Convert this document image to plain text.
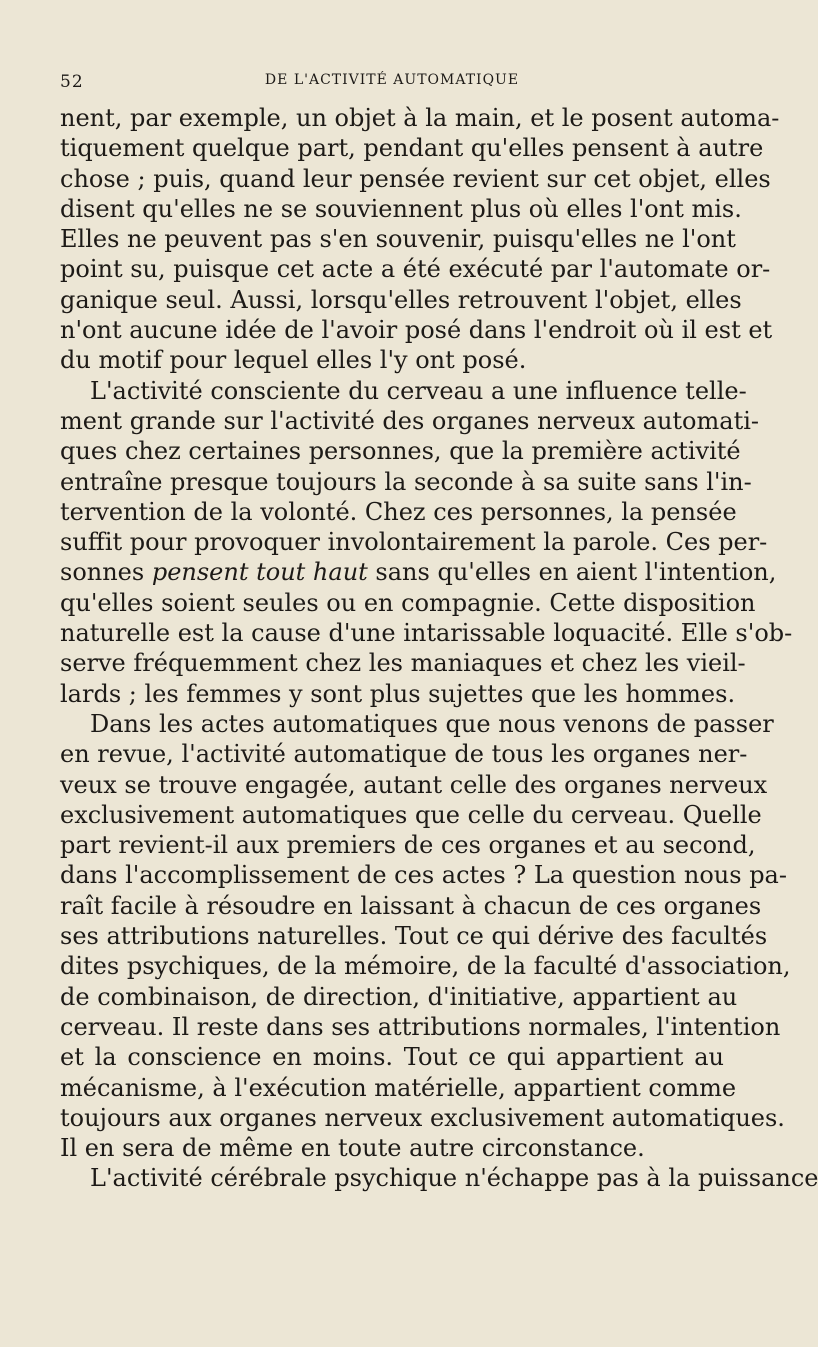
52	DE L'ACTIVITÉ AUTOMATIQUE
nent, par exemple, un objet à la main, et le posent automa-
tiquement quelque part, pendant qu'elles pensent à autre
chose ; puis, quand leur pensée revient sur cet objet, elles
disent qu'elles ne se souviennent plus où elles l'ont mis.
Elles ne peuvent pas s'en souvenir, puisqu'elles ne l'ont
point su, puisque cet acte a été exécuté par l'automate or-
ganique seul. Aussi, lorsqu'elles retrouvent l'objet, elles
n'ont aucune idée de l'avoir posé dans l'endroit où il est et
du motif pour lequel elles l'y ont posé.
L'activité consciente du cerveau a une influence telle-
ment grande sur l'activité des organes nerveux automati-
ques chez certaines personnes, que la première activité
entraîne presque toujours la seconde à sa suite sans l'in-
tervention de la volonté. Chez ces personnes, la pensée
suffit pour provoquer involontairement la parole. Ces per-
sonnes pensent tout haut sans qu'elles en aient l'intention,
qu'elles soient seules ou en compagnie. Cette disposition
naturelle est la cause d'une intarissable loquacité. Elle s'ob-
serve fréquemment chez les maniaques et chez les vieil-
lards ; les femmes y sont plus sujettes que les hommes.
Dans les actes automatiques que nous venons de passer
en revue, l'activité automatique de tous les organes ner-
veux se trouve engagée, autant celle des organes nerveux
exclusivement automatiques que celle du cerveau. Quelle
part revient-il aux premiers de ces organes et au second,
dans l'accomplissement de ces actes ? La question nous pa-
raît facile à résoudre en laissant à chacun de ces organes
ses attributions naturelles. Tout ce qui dérive des facultés
dites psychiques, de la mémoire, de la faculté d'association,
de combinaison, de direction, d'initiative, appartient au
cerveau. Il reste dans ses attributions normales, l'intention
et la conscience en moins. Tout ce qui appartient au
mécanisme, à l'exécution matérielle, appartient comme
toujours aux organes nerveux exclusivement automatiques.
Il en sera de même en toute autre circonstance.
L'activité cérébrale psychique n'échappe pas à la puissance
